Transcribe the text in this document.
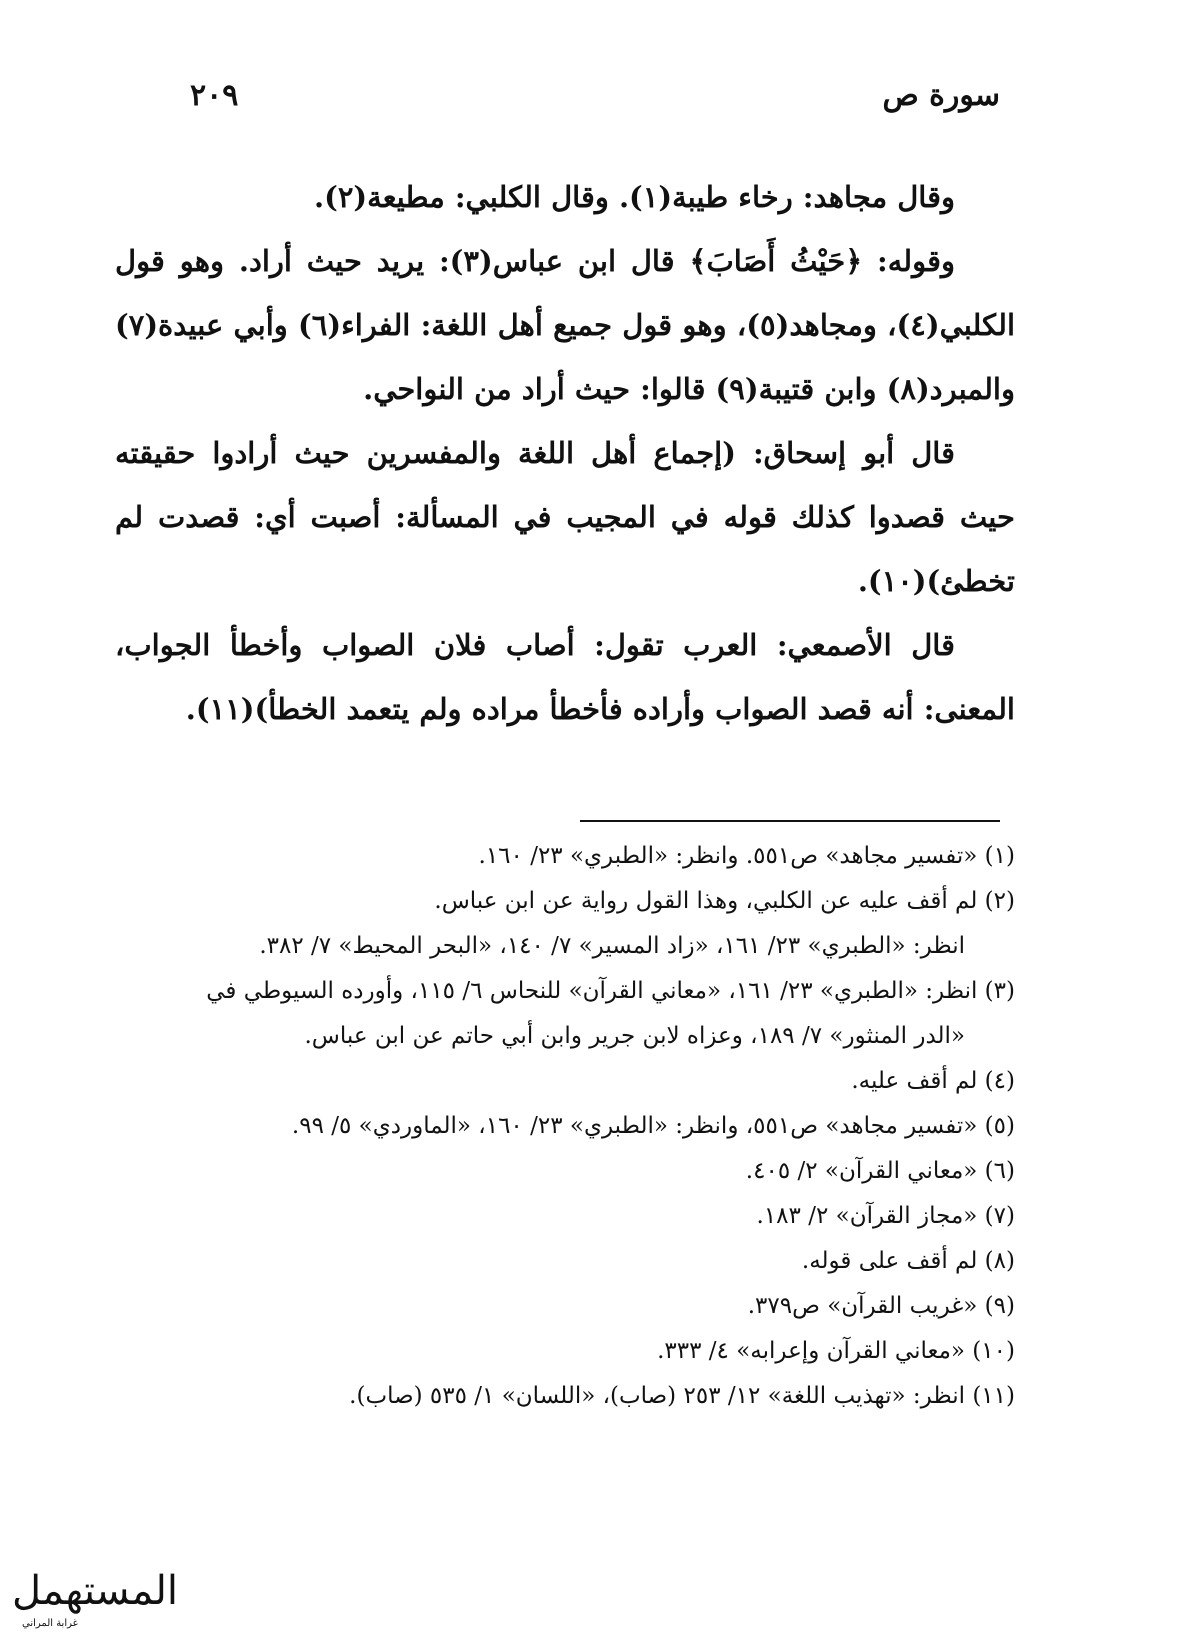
سورة ص
٢٠٩

وقال مجاهد: رخاء طيبة(١). وقال الكلبي: مطيعة(٢).

وقوله: ﴿حَيْثُ أَصَابَ﴾ قال ابن عباس(٣): يريد حيث أراد. وهو قول الكلبي(٤)، ومجاهد(٥)، وهو قول جميع أهل اللغة: الفراء(٦) وأبي عبيدة(٧) والمبرد(٨) وابن قتيبة(٩) قالوا: حيث أراد من النواحي.

قال أبو إسحاق: (إجماع أهل اللغة والمفسرين حيث أرادوا حقيقته حيث قصدوا كذلك قوله في المجيب في المسألة: أصبت أي: قصدت لم تخطئ)(١٠).

قال الأصمعي: العرب تقول: أصاب فلان الصواب وأخطأ الجواب، المعنى: أنه قصد الصواب وأراده فأخطأ مراده ولم يتعمد الخطأ)(١١).

(١) «تفسير مجاهد» ص٥٥١. وانظر: «الطبري» ٢٣/ ١٦٠.

(٢) لم أقف عليه عن الكلبي، وهذا القول رواية عن ابن عباس.

انظر: «الطبري» ٢٣/ ١٦١، «زاد المسير» ٧/ ١٤٠، «البحر المحيط» ٧/ ٣٨٢.

(٣) انظر: «الطبري» ٢٣/ ١٦١، «معاني القرآن» للنحاس ٦/ ١١٥، وأورده السيوطي في

«الدر المنثور» ٧/ ١٨٩، وعزاه لابن جرير وابن أبي حاتم عن ابن عباس.

(٤) لم أقف عليه.

(٥) «تفسير مجاهد» ص٥٥١، وانظر: «الطبري» ٢٣/ ١٦٠، «الماوردي» ٥/ ٩٩.

(٦) «معاني القرآن» ٢/ ٤٠٥.

(٧) «مجاز القرآن» ٢/ ١٨٣.

(٨) لم أقف على قوله.

(٩) «غريب القرآن» ص٣٧٩.

(١٠) «معاني القرآن وإعرابه» ٤/ ٣٣٣.

(١١) انظر: «تهذيب اللغة» ١٢/ ٢٥٣ (صاب)، «اللسان» ١/ ٥٣٥ (صاب).

المستهمل
غرابة المراني
